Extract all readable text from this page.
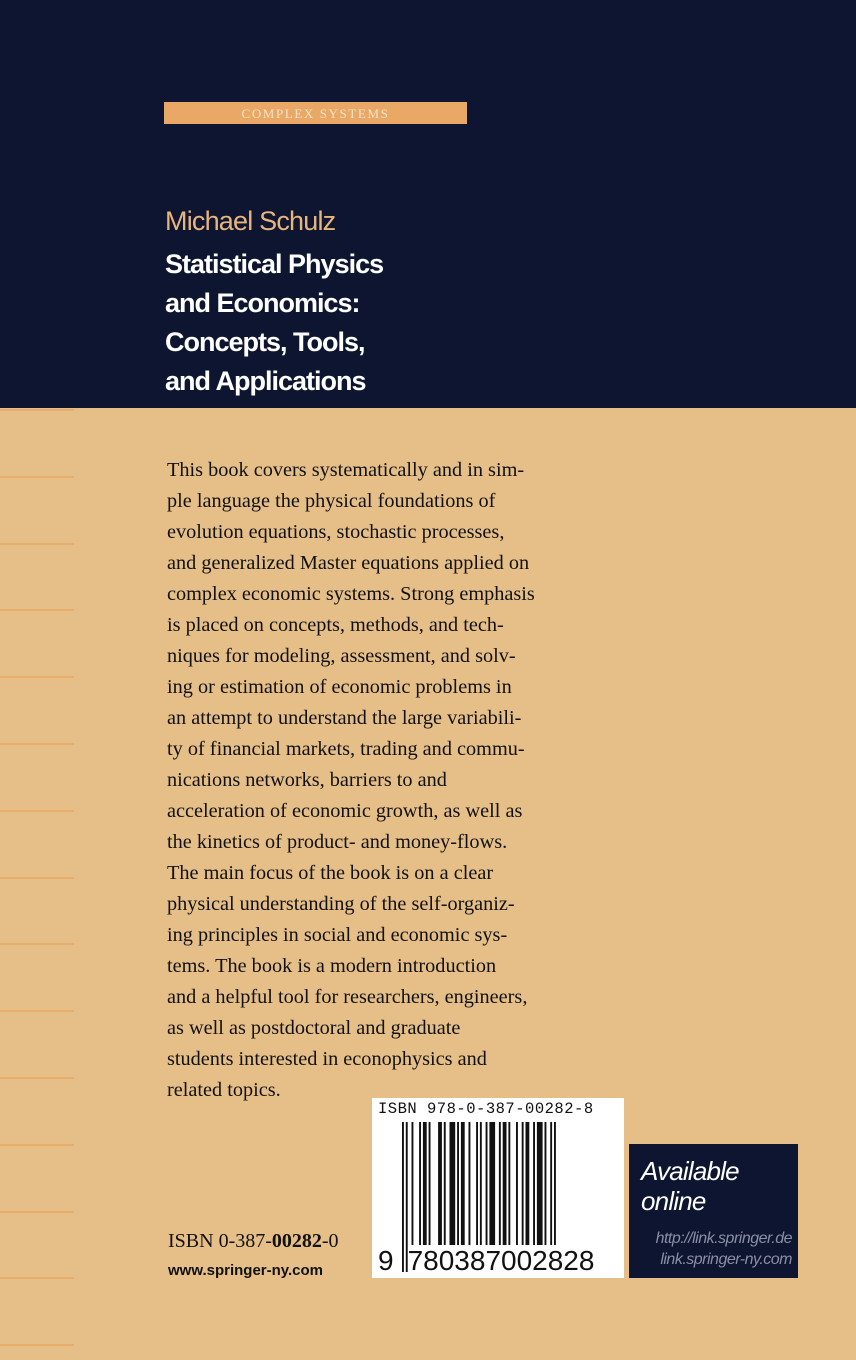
COMPLEX SYSTEMS
Michael Schulz
Statistical Physics
and Economics:
Concepts, Tools,
and Applications
This book covers systematically and in sim-
ple language the physical foundations of
evolution equations, stochastic processes,
and generalized Master equations applied on
complex economic systems. Strong emphasis
is placed on concepts, methods, and tech-
niques for modeling, assessment, and solv-
ing or estimation of economic problems in
an attempt to understand the large variabili-
ty of financial markets, trading and commu-
nications networks, barriers to and
acceleration of economic growth, as well as
the kinetics of product- and money-flows.
The main focus of the book is on a clear
physical understanding of the self-organiz-
ing principles in social and economic sys-
tems. The book is a modern introduction
and a helpful tool for researchers, engineers,
as well as postdoctoral and graduate
students interested in econophysics and
related topics.
ISBN 978-0-387-00282-8
9 780387002828
Available
online
http://link.springer.de
link.springer-ny.com
ISBN 0-387-00282-0
www.springer-ny.com
